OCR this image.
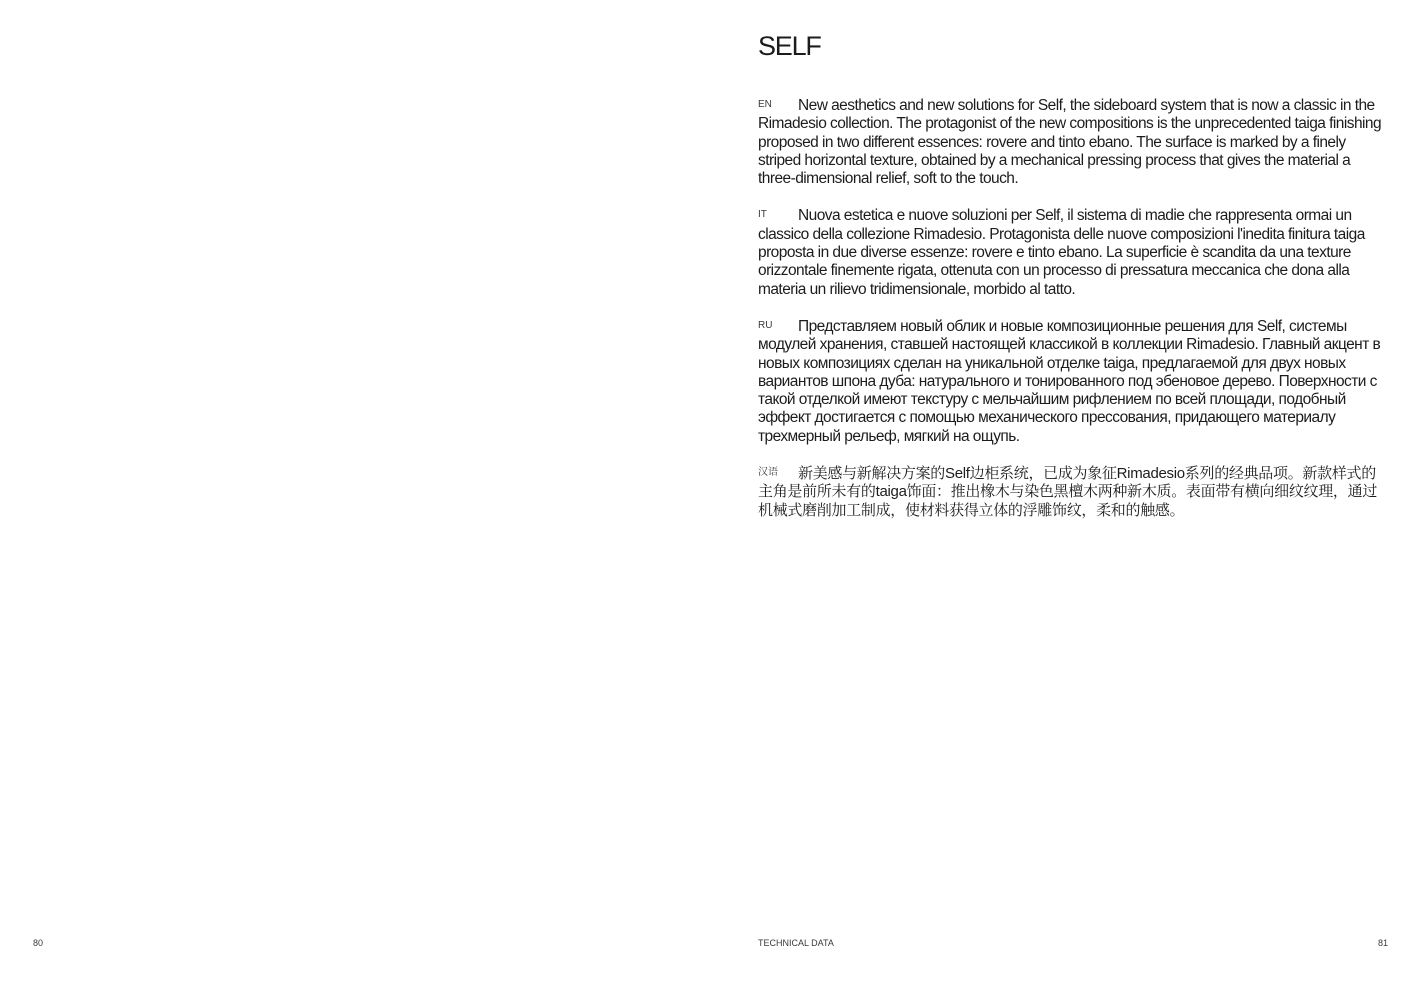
SELF

EN New aesthetics and new solutions for Self, the sideboard system that is now a classic in the Rimadesio collection. The protagonist of the new compositions is the unprecedented taiga finishing proposed in two different essences: rovere and tinto ebano. The surface is marked by a finely striped horizontal texture, obtained by a mechanical pressing process that gives the material a three-dimensional relief, soft to the touch.

IT Nuova estetica e nuove soluzioni per Self, il sistema di madie che rappresenta ormai un classico della collezione Rimadesio. Protagonista delle nuove composizioni l'inedita finitura taiga proposta in due diverse essenze: rovere e tinto ebano. La superficie è scandita da una texture orizzontale finemente rigata, ottenuta con un processo di pressatura meccanica che dona alla materia un rilievo tridimensionale, morbido al tatto.

RU Представляем новый облик и новые композиционные решения для Self, системы модулей хранения, ставшей настоящей классикой в коллекции Rimadesio. Главный акцент в новых композициях сделан на уникальной отделке taiga, предлагаемой для двух новых вариантов шпона дуба: натурального и тонированного под эбеновое дерево. Поверхности с такой отделкой имеют текстуру с мельчайшим рифлением по всей площади, подобный эффект достигается с помощью механического прессования, придающего материалу трехмерный рельеф, мягкий на ощупь.

汉语 新美感与新解决方案的Self边柜系统，已成为象征Rimadesio系列的经典品项。新款样式的主角是前所未有的taiga饰面：推出橡木与染色黑檀木两种新木质。表面带有横向细纹纹理，通过机械式磨削加工制成，使材料获得立体的浮雕饰纹，柔和的触感。

80	TECHNICAL DATA	81
